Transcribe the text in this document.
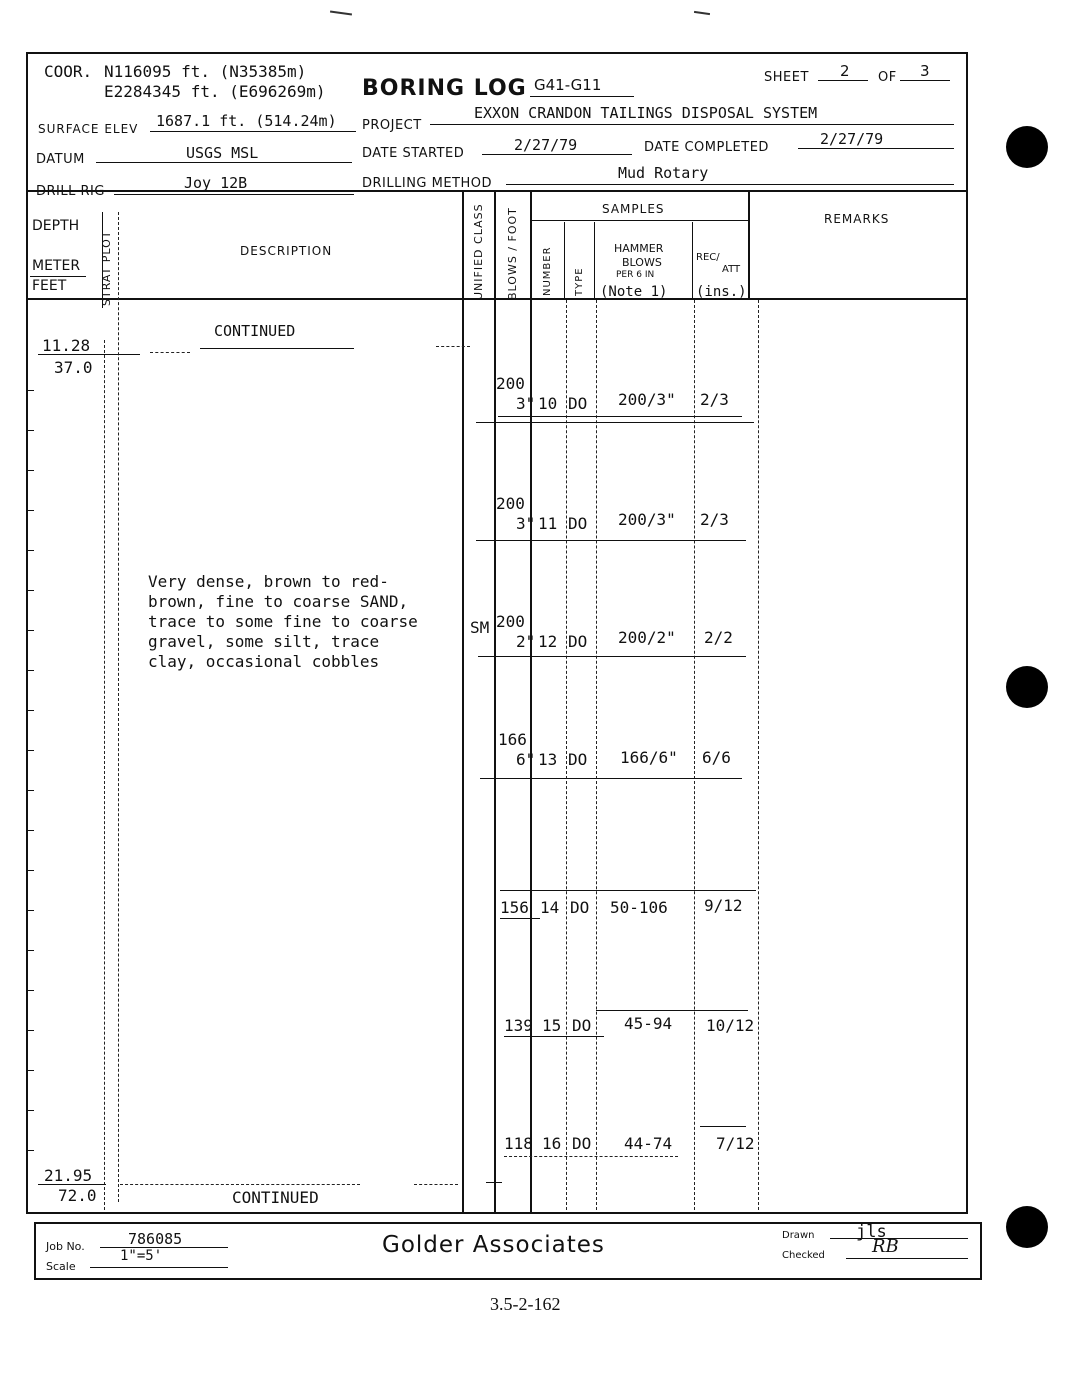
COOR. N116095 ft. (N35385m)
E2284345 ft. (E696269m) BORING LOG G41-G11	SHEET 2 OF 3
SURFACE ELEV 1687.1 ft. (514.24m) PROJECT
EXXON CRANDON TAILINGS DISPOSAL SYSTEM
DATUM	USGS MSL	DATE STARTED	2/27/79	DATE COMPLETED	2/27/79
DRILL RIG	Joy 12B	DRILLING METHOD
Mud Rotary
DEPTH
METER
FEET	STRAT PLOT	DESCRIPTION	UNIFIED CLASS BLOWS / FOOT	SAMPLES
NUMBER TYPE
HAMMER
BLOWS
PER 6 IN
(Note 1)
REC/
ATT
(ins.)
REMARKS
CONTINUED
11.28
37.0
Very dense, brown to red-
brown, fine to coarse SAND,
trace to some fine to coarse
gravel, some silt, trace
clay, occasional cobbles
SM
200
3" 10 DO 200/3" 2/3
200
3" 11 DO 200/3" 2/3
200
2" 12 DO 200/2" 2/2
166
6" 13 DO 166/6" 6/6
156 14 DO 50-106 9/12
139 15 DO 45-94 10/12
118 16 DO 44-74	7/12
21.95
72.0	CONTINUED
Job No.	786085
Scale
1"=5'	Golder Associates	Drawn jls
Checked	RB
3.5-2-162
